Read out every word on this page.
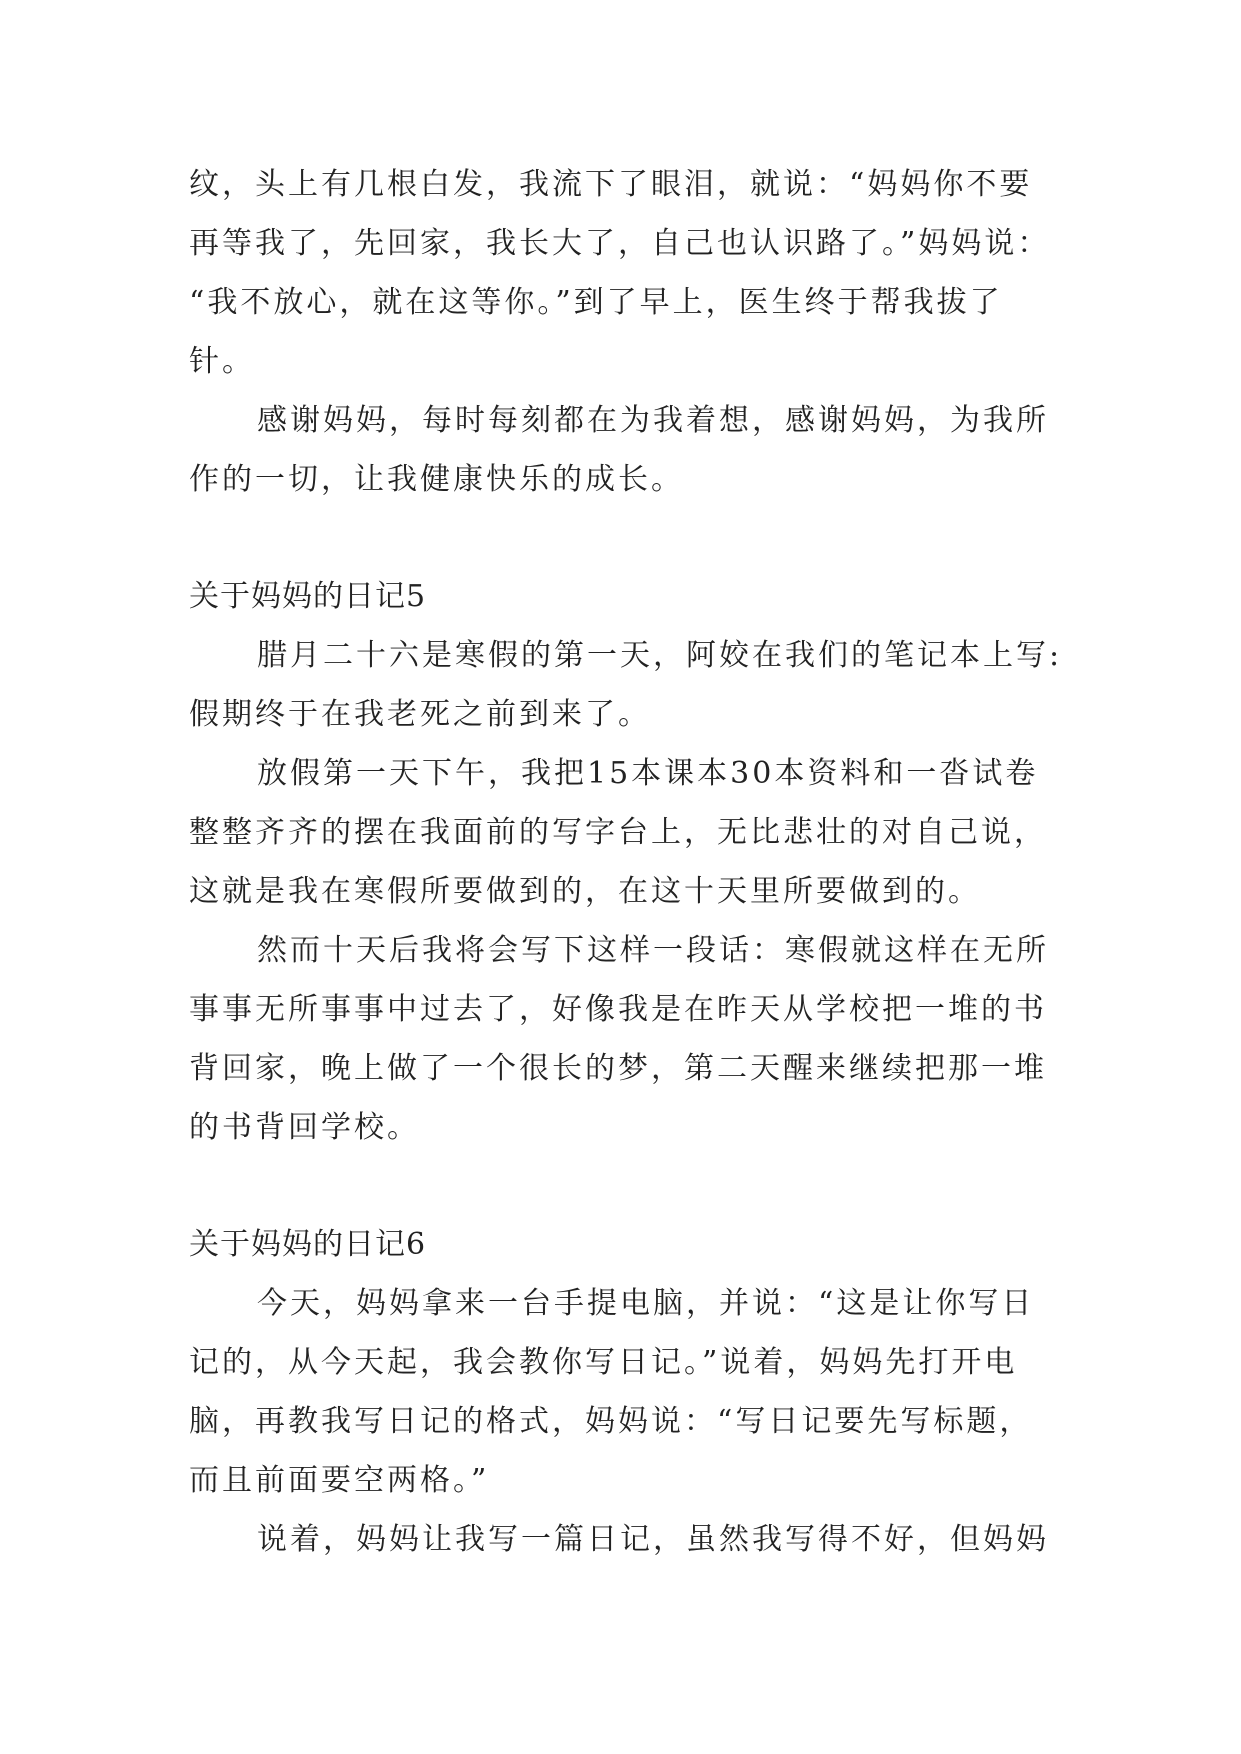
纹，头上有几根白发，我流下了眼泪，就说：“妈妈你不要
再等我了，先回家，我长大了，自己也认识路了。”妈妈说：
“我不放心，就在这等你。”到了早上，医生终于帮我拔了
针。
感谢妈妈，每时每刻都在为我着想，感谢妈妈，为我所
作的一切，让我健康快乐的成长。
关于妈妈的日记5
腊月二十六是寒假的第一天，阿姣在我们的笔记本上写:
假期终于在我老死之前到来了。
放假第一天下午，我把15本课本30本资料和一沓试卷
整整齐齐的摆在我面前的写字台上，无比悲壮的对自己说，
这就是我在寒假所要做到的，在这十天里所要做到的。
然而十天后我将会写下这样一段话：寒假就这样在无所
事事无所事事中过去了，好像我是在昨天从学校把一堆的书
背回家，晚上做了一个很长的梦，第二天醒来继续把那一堆
的书背回学校。
关于妈妈的日记6
今天，妈妈拿来一台手提电脑，并说：“这是让你写日
记的，从今天起，我会教你写日记。”说着，妈妈先打开电
脑，再教我写日记的格式，妈妈说：“写日记要先写标题，
而且前面要空两格。”
说着，妈妈让我写一篇日记，虽然我写得不好，但妈妈
